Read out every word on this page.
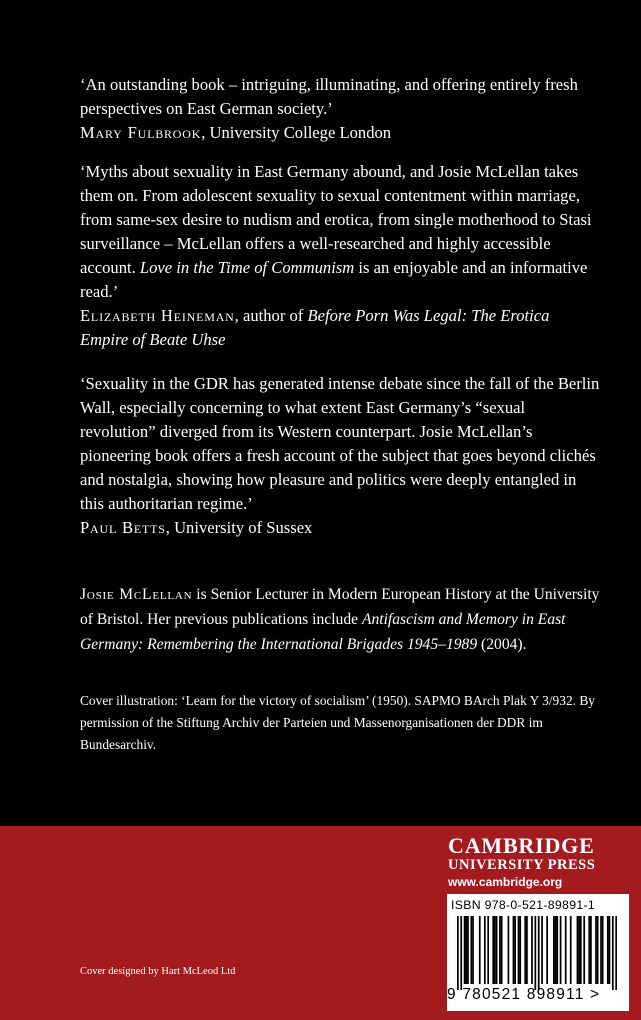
‘An outstanding book – intriguing, illuminating, and offering entirely fresh perspectives on East German society.’
Mary Fulbrook, University College London
‘Myths about sexuality in East Germany abound, and Josie McLellan takes them on. From adolescent sexuality to sexual contentment within marriage, from same-sex desire to nudism and erotica, from single motherhood to Stasi surveillance – McLellan offers a well-researched and highly accessible account. Love in the Time of Communism is an enjoyable and an informative read.’
Elizabeth Heineman, author of Before Porn Was Legal: The Erotica Empire of Beate Uhse
‘Sexuality in the GDR has generated intense debate since the fall of the Berlin Wall, especially concerning to what extent East Germany’s “sexual revolution” diverged from its Western counterpart. Josie McLellan’s pioneering book offers a fresh account of the subject that goes beyond clichés and nostalgia, showing how pleasure and politics were deeply entangled in this authoritarian regime.’
Paul Betts, University of Sussex
Josie McLellan is Senior Lecturer in Modern European History at the University of Bristol. Her previous publications include Antifascism and Memory in East Germany: Remembering the International Brigades 1945–1989 (2004).
Cover illustration: ‘Learn for the victory of socialism’ (1950). SAPMO BArch Plak Y 3/932. By permission of the Stiftung Archiv der Parteien und Massenorganisationen der DDR im Bundesarchiv.
Cover designed by Hart McLeod Ltd
CAMBRIDGE
UNIVERSITY PRESS
www.cambridge.org
ISBN 978-0-521-89891-1
9 780521 898911 >
